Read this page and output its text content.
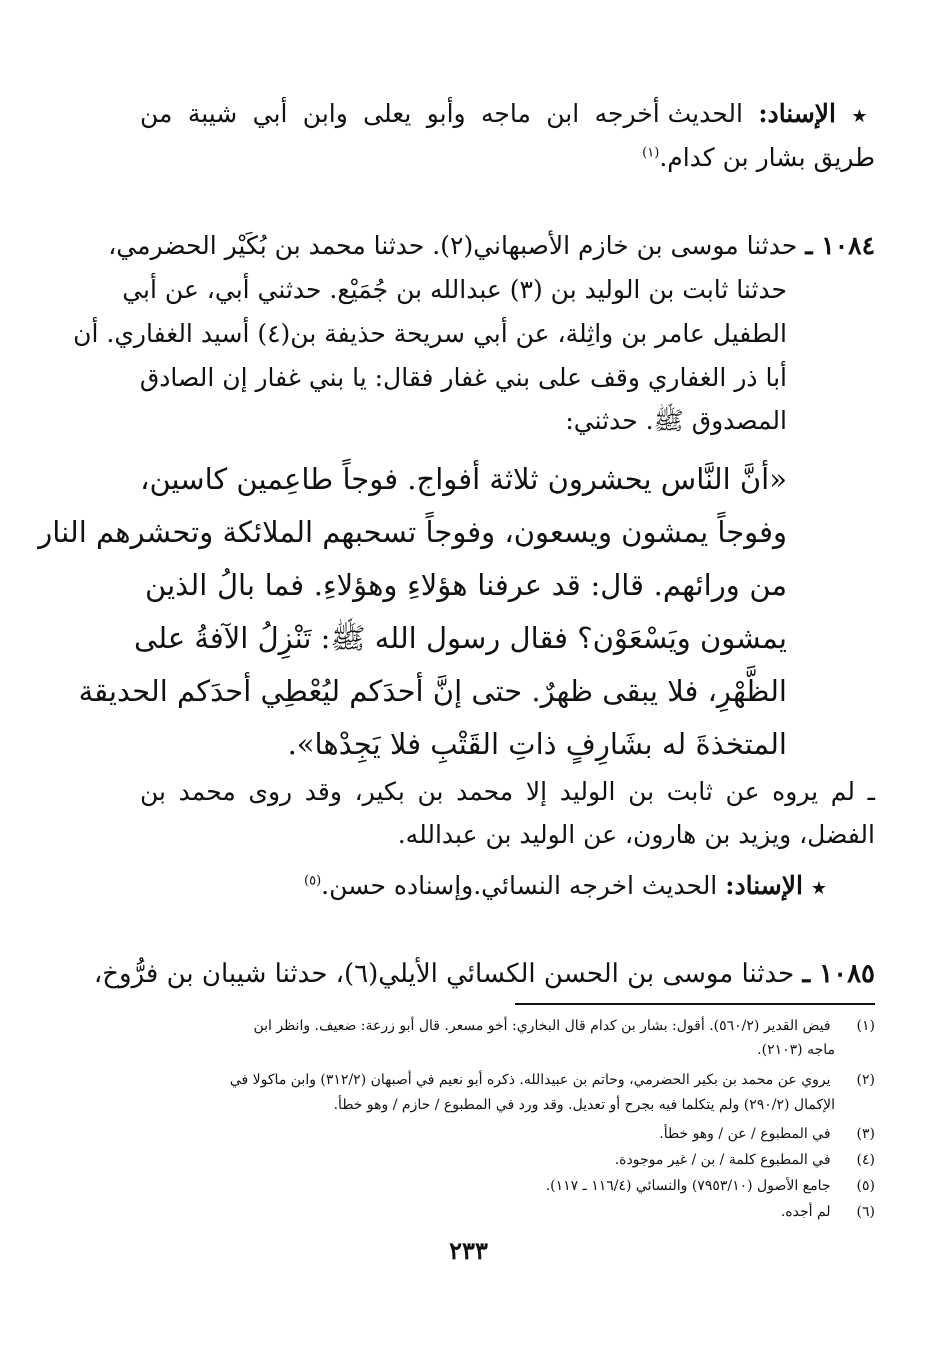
★ الإسناد: الحديث أخرجه ابن ماجه وأبو يعلى وابن أبي شيبة من
طريق بشار بن كدام.$^{(١)}$
١٠٨٤ ـ حدثنا موسى بن خازم الأصبهاني(٢). حدثنا محمد بن بُكَيْر الحضرمي،
حدثنا ثابت بن الوليد بن (٣) عبدالله بن جُمَيْع. حدثني أبي، عن أبي
الطفيل عامر بن واثِلة، عن أبي سريحة حذيفة بن(٤) أسيد الغفاري. أن
أبا ذر الغفاري وقف على بني غفار فقال: يا بني غفار إن الصادق
المصدوق ﷺ. حدثني:
«أنَّ النَّاس يحشرون ثلاثة أفواج. فوجاً طاعِمين كاسين،
وفوجاً يمشون ويسعون، وفوجاً تسحبهم الملائكة وتحشرهم النار
من ورائهم. قال: قد عرفنا هؤلاءِ وهؤلاءِ. فما بالُ الذين
يمشون ويَسْعَوْن؟ فقال رسول الله ﷺ: تَنْزِلُ الآفةُ على
الظَّهْرِ، فلا يبقى ظهرٌ. حتى إنَّ أحدَكم ليُعْطِي أحدَكم الحديقة
المتخذةَ له بشَارِفٍ ذاتِ القَتْبِ فلا يَجِدْها».
ـ لم يروه عن ثابت بن الوليد إلا محمد بن بكير، وقد روى محمد بن
الفضل، ويزيد بن هارون، عن الوليد بن عبدالله.
★ الإسناد: الحديث اخرجه النسائي.وإسناده حسن.$^{(٥)}$
١٠٨٥ ـ حدثنا موسى بن الحسن الكسائي الأيلي(٦)، حدثنا شيبان بن فرُّوخ،
(١) فيض القدير (٥٦٠/٢). أقول: بشار بن كدام قال البخاري: أخو مسعر. قال أبو زرعة: ضعيف. وانظر ابن
ماجه (٢١٠٣).
(٢) يروي عن محمد بن بكير الحضرمي، وحاتم بن عبيدالله. ذكره أبو نعيم في أصبهان (٣١٢/٢) وابن ماكولا في
الإكمال (٢٩٠/٢) ولم يتكلما فيه بجرح أو تعديل. وقد ورد في المطبوع / حازم / وهو خطأ.
(٣) في المطبوع / عن / وهو خطأ.
(٤) في المطبوع كلمة / بن / غير موجودة.
(٥) جامع الأصول (٧٩٥٣/١٠) والنسائي (١١٦/٤ ـ ١١٧).
(٦) لم أجده.
٢٣٣
